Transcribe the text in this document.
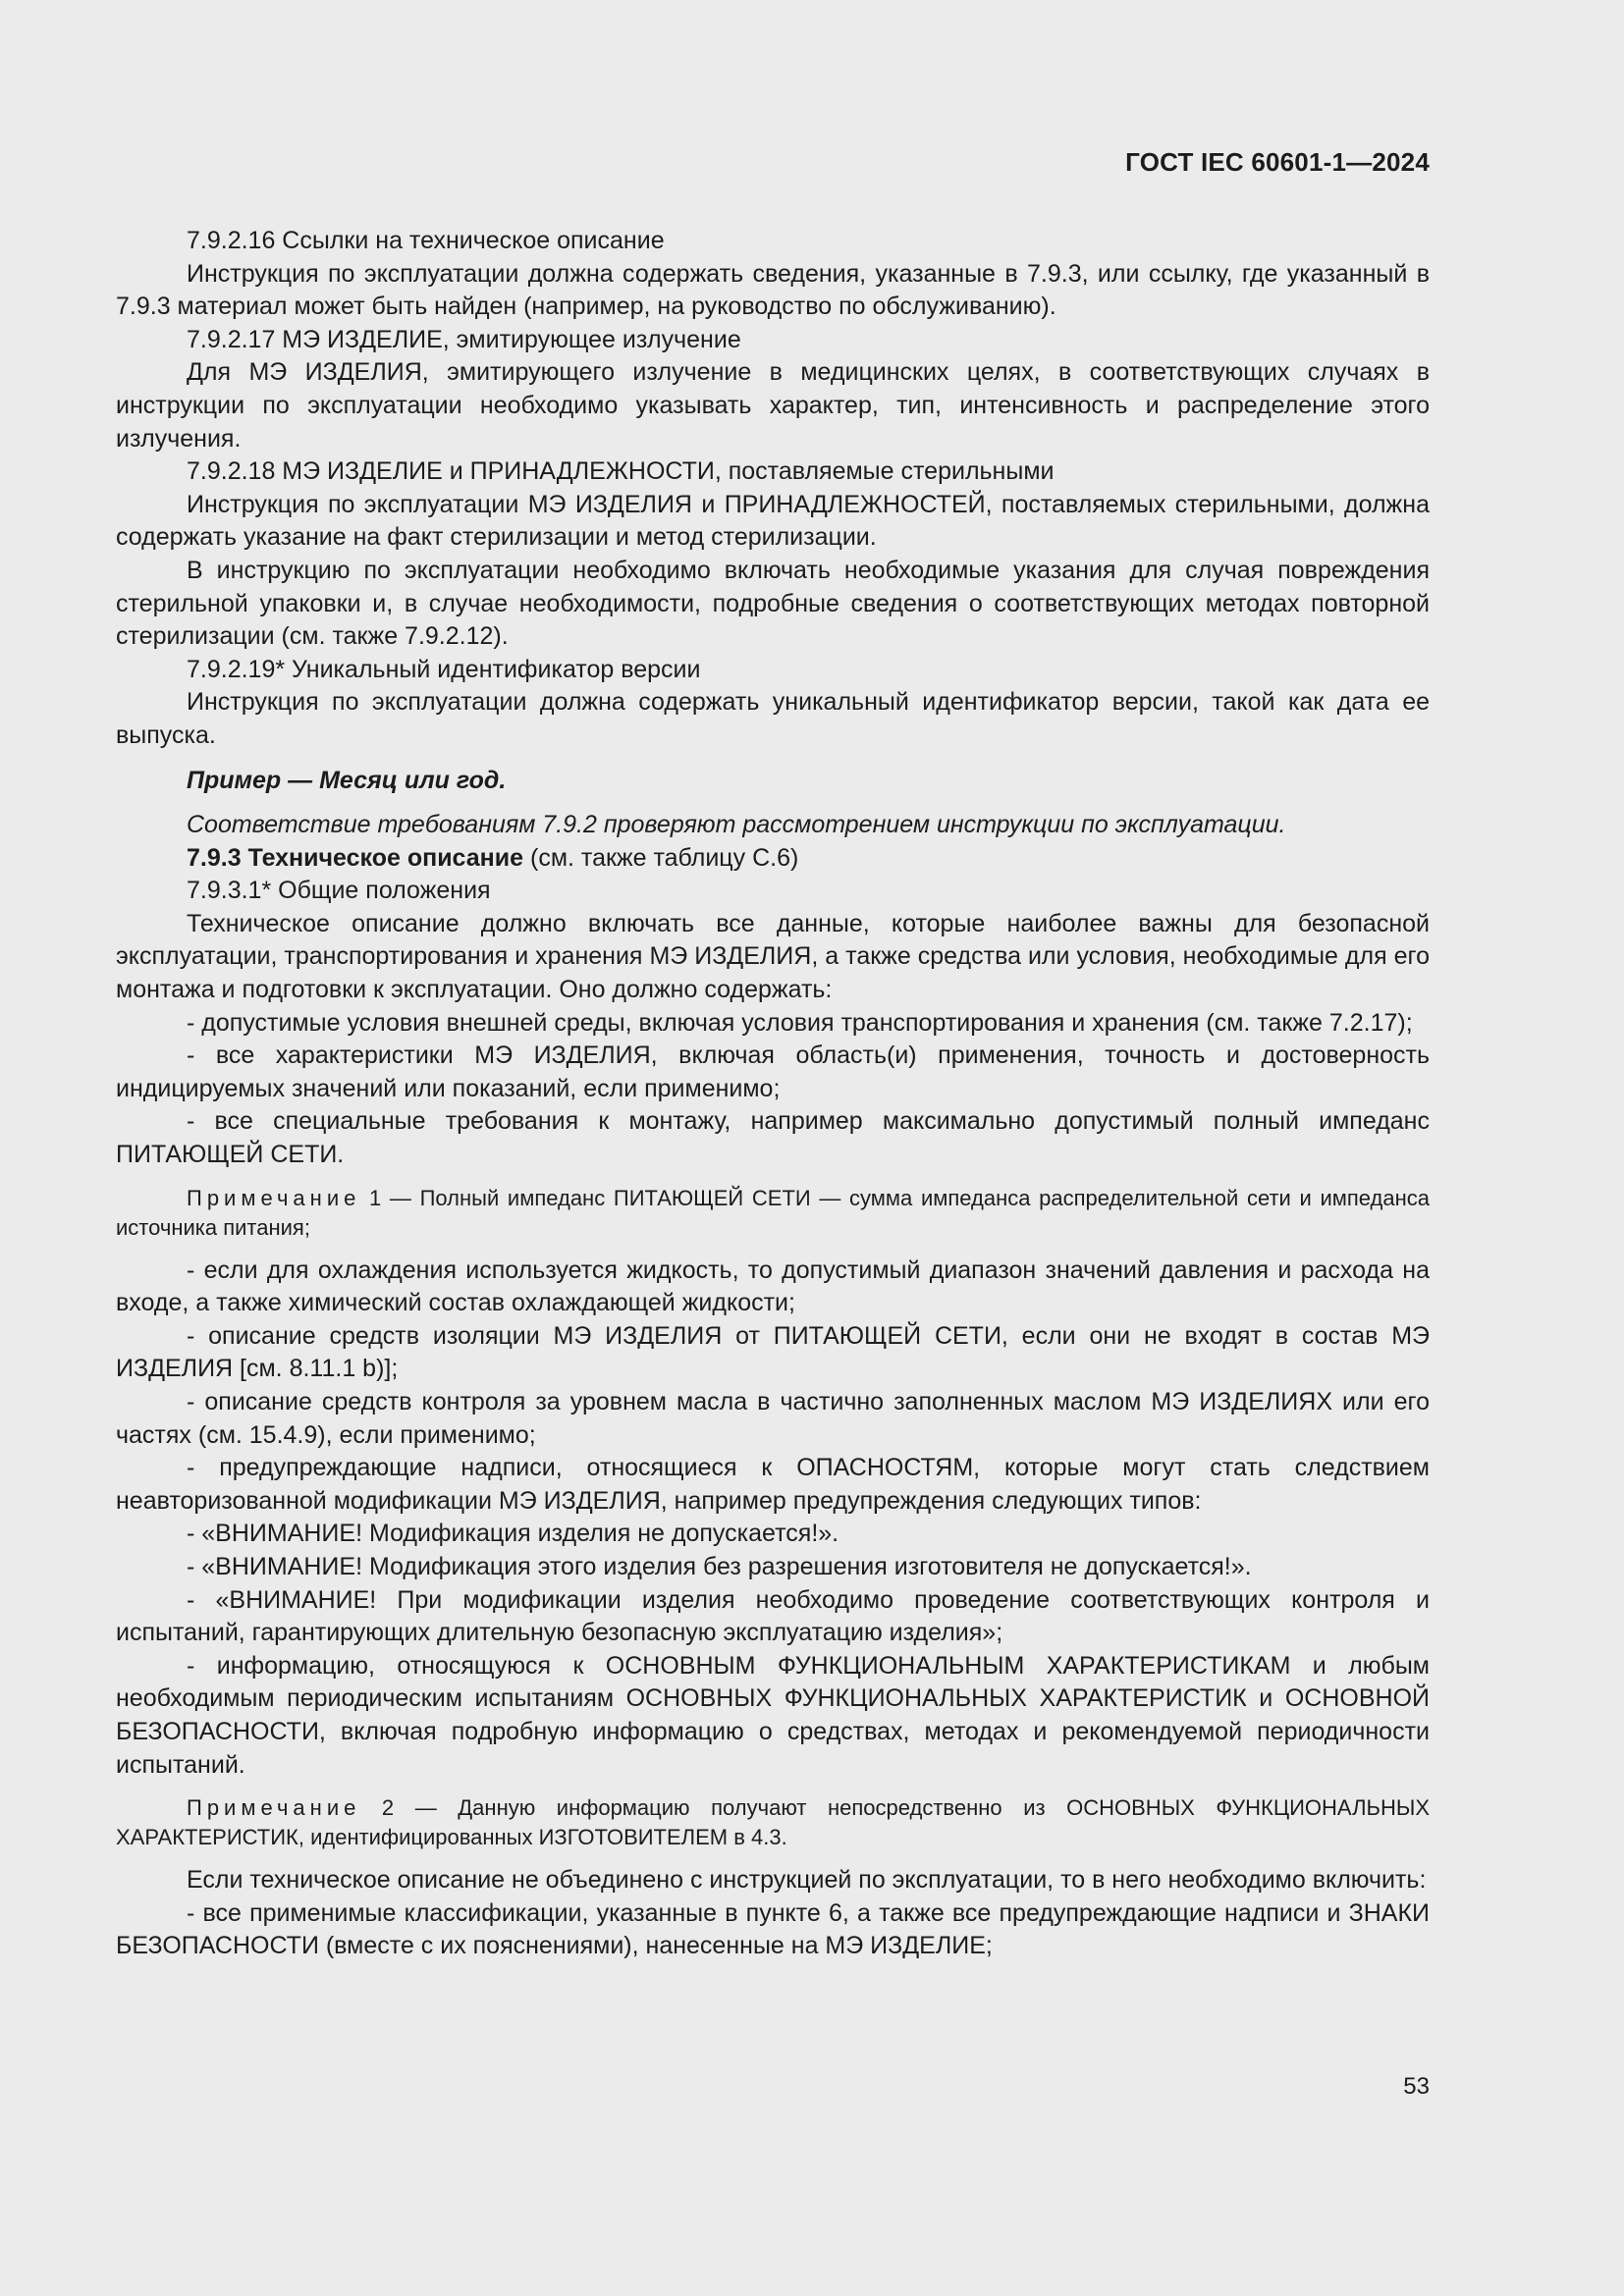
ГОСТ IEC 60601-1—2024

7.9.2.16 Ссылки на техническое описание

Инструкция по эксплуатации должна содержать сведения, указанные в 7.9.3, или ссылку, где указанный в 7.9.3 материал может быть найден (например, на руководство по обслуживанию).

7.9.2.17 МЭ ИЗДЕЛИЕ, эмитирующее излучение

Для МЭ ИЗДЕЛИЯ, эмитирующего излучение в медицинских целях, в соответствующих случаях в инструкции по эксплуатации необходимо указывать характер, тип, интенсивность и распределение этого излучения.

7.9.2.18 МЭ ИЗДЕЛИЕ и ПРИНАДЛЕЖНОСТИ, поставляемые стерильными

Инструкция по эксплуатации МЭ ИЗДЕЛИЯ и ПРИНАДЛЕЖНОСТЕЙ, поставляемых стерильными, должна содержать указание на факт стерилизации и метод стерилизации.

В инструкцию по эксплуатации необходимо включать необходимые указания для случая повреждения стерильной упаковки и, в случае необходимости, подробные сведения о соответствующих методах повторной стерилизации (см. также 7.9.2.12).

7.9.2.19* Уникальный идентификатор версии

Инструкция по эксплуатации должна содержать уникальный идентификатор версии, такой как дата ее выпуска.

Пример — Месяц или год.

Соответствие требованиям 7.9.2 проверяют рассмотрением инструкции по эксплуатации.

7.9.3 Техническое описание (см. также таблицу С.6)

7.9.3.1* Общие положения

Техническое описание должно включать все данные, которые наиболее важны для безопасной эксплуатации, транспортирования и хранения МЭ ИЗДЕЛИЯ, а также средства или условия, необходимые для его монтажа и подготовки к эксплуатации. Оно должно содержать:

- допустимые условия внешней среды, включая условия транспортирования и хранения (см. также 7.2.17);

- все характеристики МЭ ИЗДЕЛИЯ, включая область(и) применения, точность и достоверность индицируемых значений или показаний, если применимо;

- все специальные требования к монтажу, например максимально допустимый полный импеданс ПИТАЮЩЕЙ СЕТИ.

Примечание 1 — Полный импеданс ПИТАЮЩЕЙ СЕТИ — сумма импеданса распределительной сети и импеданса источника питания;

- если для охлаждения используется жидкость, то допустимый диапазон значений давления и расхода на входе, а также химический состав охлаждающей жидкости;

- описание средств изоляции МЭ ИЗДЕЛИЯ от ПИТАЮЩЕЙ СЕТИ, если они не входят в состав МЭ ИЗДЕЛИЯ [см. 8.11.1 b)];

- описание средств контроля за уровнем масла в частично заполненных маслом МЭ ИЗДЕЛИЯХ или его частях (см. 15.4.9), если применимо;

- предупреждающие надписи, относящиеся к ОПАСНОСТЯМ, которые могут стать следствием неавторизованной модификации МЭ ИЗДЕЛИЯ, например предупреждения следующих типов:

- «ВНИМАНИЕ! Модификация изделия не допускается!».

- «ВНИМАНИЕ! Модификация этого изделия без разрешения изготовителя не допускается!».

- «ВНИМАНИЕ! При модификации изделия необходимо проведение соответствующих контроля и испытаний, гарантирующих длительную безопасную эксплуатацию изделия»;

- информацию, относящуюся к ОСНОВНЫМ ФУНКЦИОНАЛЬНЫМ ХАРАКТЕРИСТИКАМ и любым необходимым периодическим испытаниям ОСНОВНЫХ ФУНКЦИОНАЛЬНЫХ ХАРАКТЕРИСТИК и ОСНОВНОЙ БЕЗОПАСНОСТИ, включая подробную информацию о средствах, методах и рекомендуемой периодичности испытаний.

Примечание 2 — Данную информацию получают непосредственно из ОСНОВНЫХ ФУНКЦИОНАЛЬНЫХ ХАРАКТЕРИСТИК, идентифицированных ИЗГОТОВИТЕЛЕМ в 4.3.

Если техническое описание не объединено с инструкцией по эксплуатации, то в него необходимо включить:

- все применимые классификации, указанные в пункте 6, а также все предупреждающие надписи и ЗНАКИ БЕЗОПАСНОСТИ (вместе с их пояснениями), нанесенные на МЭ ИЗДЕЛИЕ;

53
